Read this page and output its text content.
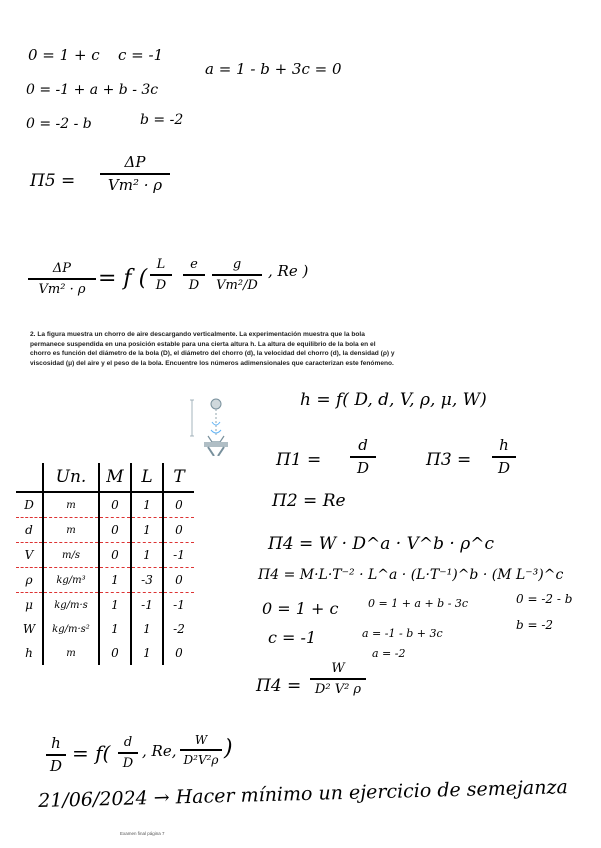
0 = 1 + c c = -1
0 = -1 + a + b - 3c
a = 1 - b + 3c = 0
0 = -2 - b	b = -2
Π5 =
ΔP
Vm² · ρ
ΔP
Vm² · ρ = f (
L
D
e
D
g
Vm²/D
, Re )
2. La figura muestra un chorro de aire descargando verticalmente. La experimentación muestra que la bola permanece suspendida en una posición estable para una cierta altura h. La altura de equilibrio de la bola en el chorro es función del diámetro de la bola (D), el diámetro del chorro (d), la velocidad del chorro (d), la densidad (ρ) y viscosidad (μ) del aire y el peso de la bola. Encuentre los números adimensionales que caracterizan este fenómeno.
h = f( D, d, V, ρ, μ, W)
	Un.	M	L	T
D	m	0	1	0
d	m	0	1	0
V	m/s	0	1	-1
ρ	kg/m³	1	-3	0
μ	kg/m·s	1	-1	-1
W	kg/m·s²	1	1	-2
h	m	0	1	0
Π1 =
d
D	Π3 =
h
D
Π2 = Re
Π4 = W · D^a · V^b · ρ^c
Π4 = M·L·T⁻² · L^a · (L·T⁻¹)^b · (M L⁻³)^c
0 = 1 + c
c = -1
0 = 1 + a + b - 3c
a = -1 - b + 3c
a = -2
0 = -2 - b
b = -2
Π4 =
W
D² V² ρ
h
D
= f(	d
D
, Re,
W
D²V²ρ )
21/06/2024 → Hacer mínimo un ejercicio de semejanza
Examen final página 7
